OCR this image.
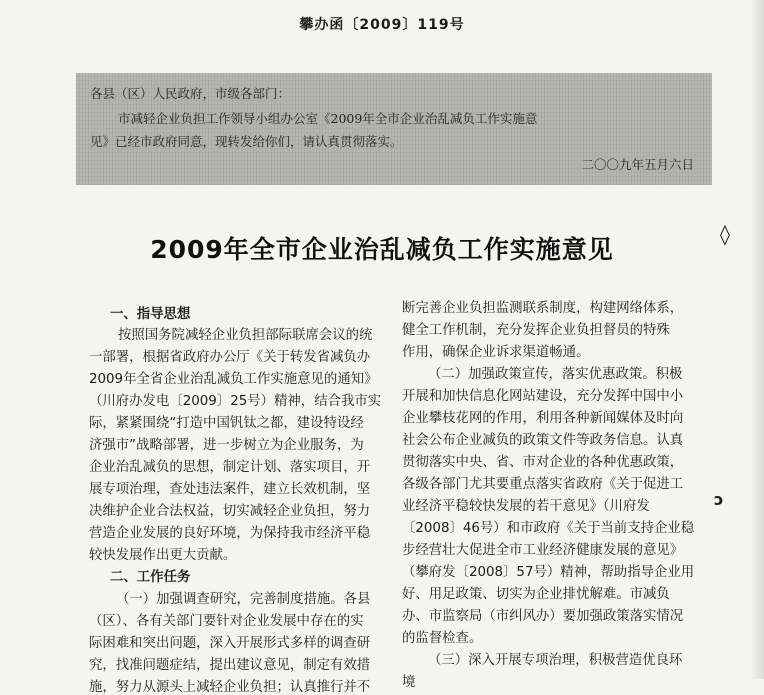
攀办函〔2009〕119号
各县（区）人民政府，市级各部门：
市减轻企业负担工作领导小组办公室《2009年全市企业治乱减负工作实施意
见》已经市政府同意，现转发给你们，请认真贯彻落实。
二〇〇九年五月六日
2009年全市企业治乱减负工作实施意见
◊
ↄ
一、指导思想
按照国务院减轻企业负担部际联席会议的统
一部署，根据省政府办公厅《关于转发省减负办
2009年全省企业治乱减负工作实施意见的通知》
（川府办发电〔2009〕25号）精神，结合我市实
际，紧紧围绕“打造中国钒钛之都，建设特设经
济强市”战略部署，进一步树立为企业服务，为
企业治乱减负的思想，制定计划、落实项目，开
展专项治理，查处违法案件，建立长效机制，坚
决维护企业合法权益，切实减轻企业负担，努力
营造企业发展的良好环境，为保持我市经济平稳
较快发展作出更大贡献。
二、工作任务
（一）加强调查研究，完善制度措施。各县
（区）、各有关部门要针对企业发展中存在的实
际困难和突出问题，深入开展形式多样的调查研
究，找准问题症结，提出建议意见，制定有效措
施，努力从源头上减轻企业负担；认真推行并不
断完善企业负担监测联系制度，构建网络体系，
健全工作机制，充分发挥企业负担督员的特殊
作用，确保企业诉求渠道畅通。
（二）加强政策宣传，落实优惠政策。积极
开展和加快信息化网站建设，充分发挥中国中小
企业攀枝花网的作用，利用各种新闻媒体及时向
社会公布企业减负的政策文件等政务信息。认真
贯彻落实中央、省、市对企业的各种优惠政策，
各级各部门尤其要重点落实省政府《关于促进工
业经济平稳较快发展的若干意见》（川府发
〔2008〕46号）和市政府《关于当前支持企业稳
步经营壮大促进全市工业经济健康发展的意见》
（攀府发〔2008〕57号）精神，帮助指导企业用
好、用足政策、切实为企业排忧解难。市减负
办、市监察局（市纠风办）要加强政策落实情况
的监督检查。
（三）深入开展专项治理，积极营造优良环
境
